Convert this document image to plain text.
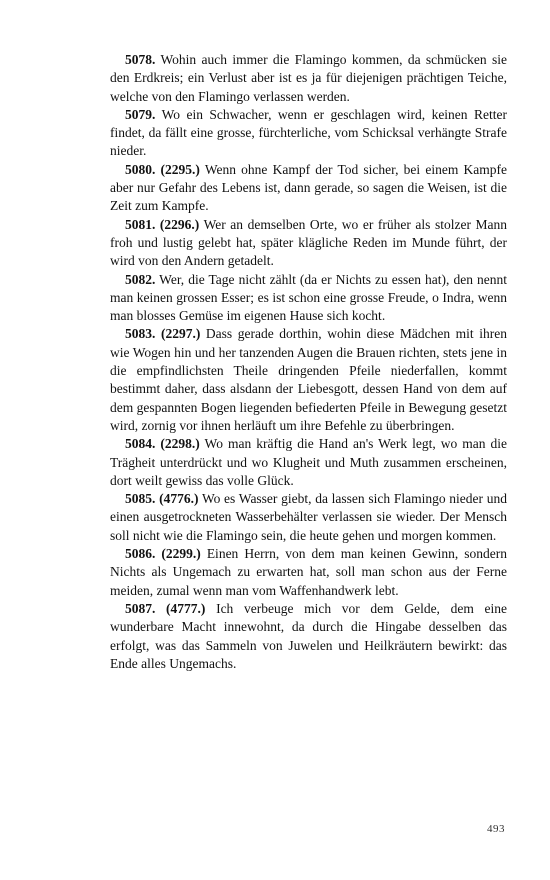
5078. Wohin auch immer die Flamingo kommen, da schmücken sie den Erdkreis; ein Verlust aber ist es ja für diejenigen prächtigen Teiche, welche von den Flamingo verlassen werden.

5079. Wo ein Schwacher, wenn er geschlagen wird, keinen Retter findet, da fällt eine grosse, fürchterliche, vom Schicksal verhängte Strafe nieder.

5080. (2295.) Wenn ohne Kampf der Tod sicher, bei einem Kampfe aber nur Gefahr des Lebens ist, dann gerade, so sagen die Weisen, ist die Zeit zum Kampfe.

5081. (2296.) Wer an demselben Orte, wo er früher als stolzer Mann froh und lustig gelebt hat, später klägliche Reden im Munde führt, der wird von den Andern getadelt.

5082. Wer, die Tage nicht zählt (da er Nichts zu essen hat), den nennt man keinen grossen Esser; es ist schon eine grosse Freude, o Indra, wenn man blosses Gemüse im eigenen Hause sich kocht.

5083. (2297.) Dass gerade dorthin, wohin diese Mädchen mit ihren wie Wogen hin und her tanzenden Augen die Brauen richten, stets jene in die empfindlichsten Theile dringenden Pfeile niederfallen, kommt bestimmt daher, dass alsdann der Liebesgott, dessen Hand von dem auf dem gespannten Bogen liegenden befiederten Pfeile in Bewegung gesetzt wird, zornig vor ihnen herläuft um ihre Befehle zu überbringen.

5084. (2298.) Wo man kräftig die Hand an's Werk legt, wo man die Trägheit unterdrückt und wo Klugheit und Muth zusammen erscheinen, dort weilt gewiss das volle Glück.

5085. (4776.) Wo es Wasser giebt, da lassen sich Flamingo nieder und einen ausgetrockneten Wasserbehälter verlassen sie wieder. Der Mensch soll nicht wie die Flamingo sein, die heute gehen und morgen kommen.

5086. (2299.) Einen Herrn, von dem man keinen Gewinn, sondern Nichts als Ungemach zu erwarten hat, soll man schon aus der Ferne meiden, zumal wenn man vom Waffenhandwerk lebt.

5087. (4777.) Ich verbeuge mich vor dem Gelde, dem eine wunderbare Macht innewohnt, da durch die Hingabe desselben das erfolgt, was das Sammeln von Juwelen und Heilkräutern bewirkt: das Ende alles Ungemachs.

493
